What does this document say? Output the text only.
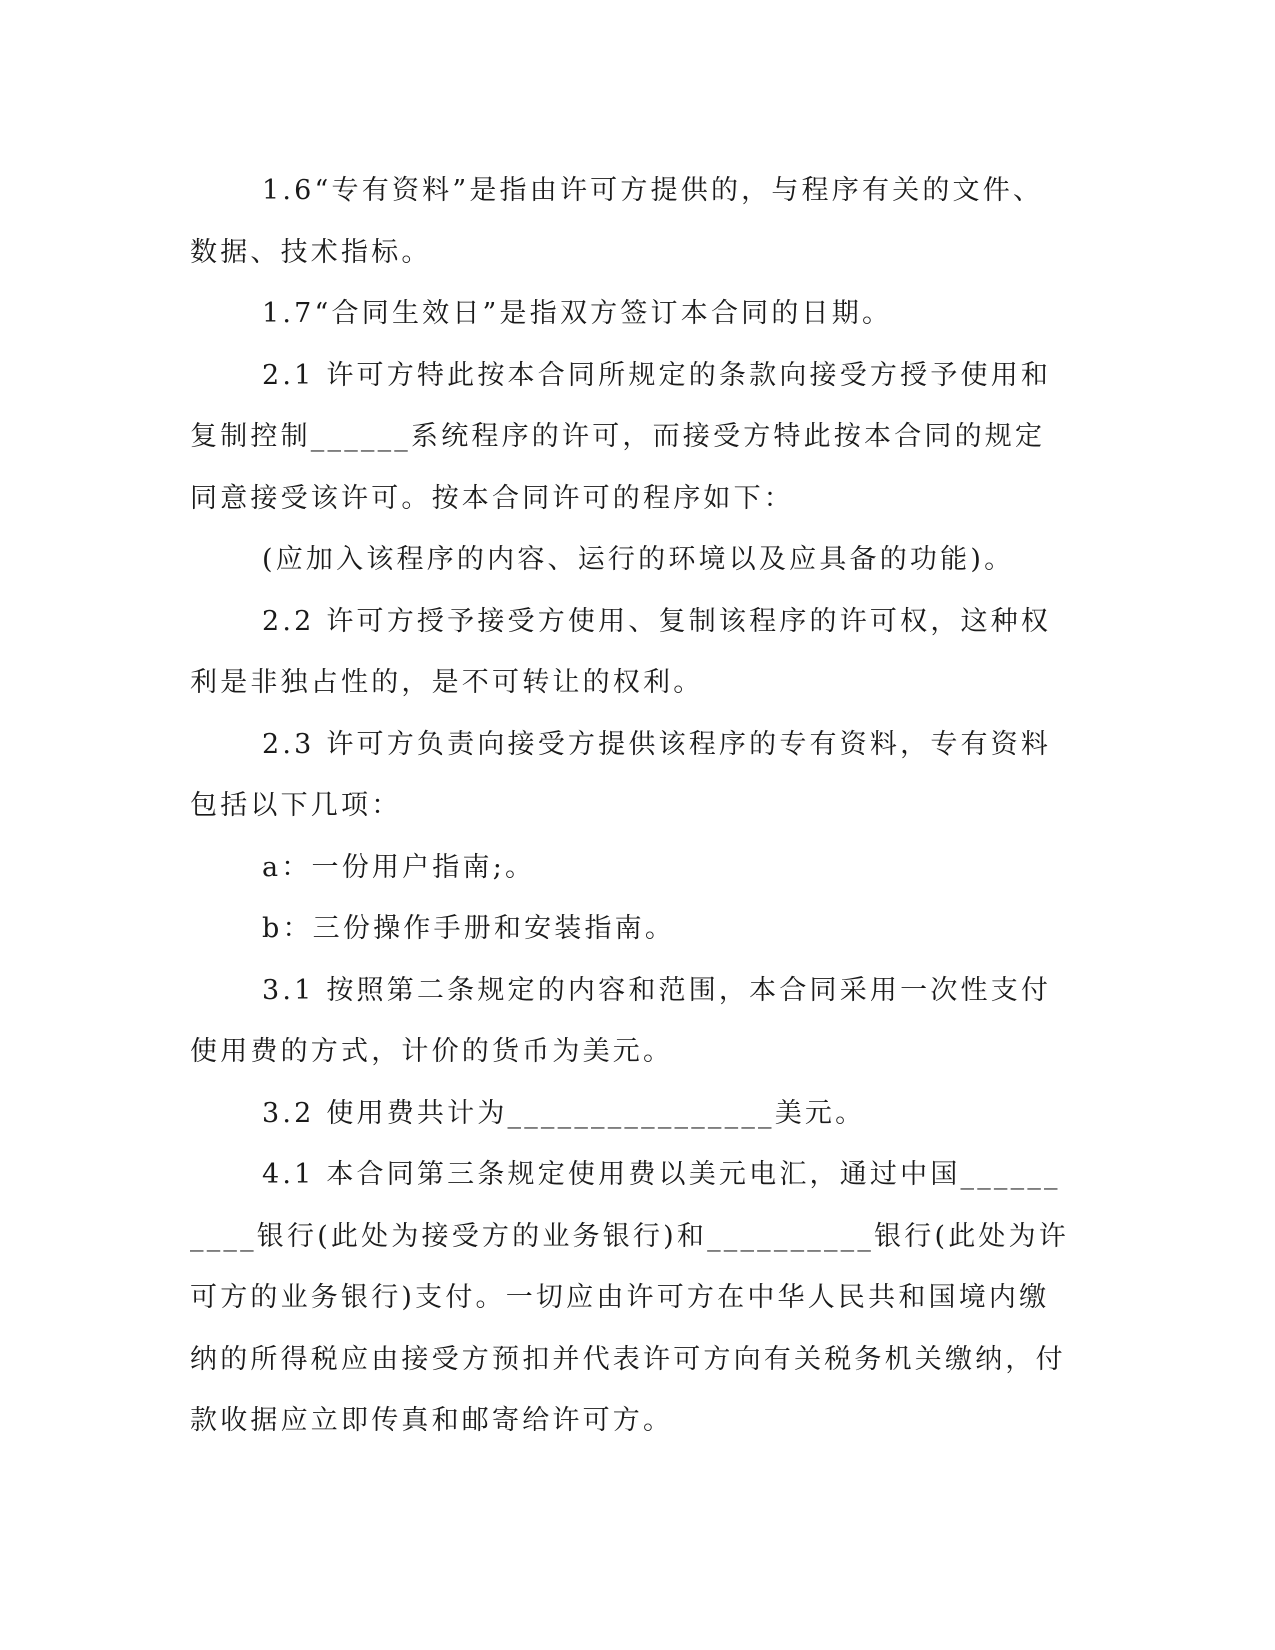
1.6“专有资料”是指由许可方提供的，与程序有关的文件、数据、技术指标。

1.7“合同生效日”是指双方签订本合同的日期。

2.1 许可方特此按本合同所规定的条款向接受方授予使用和复制控制______系统程序的许可，而接受方特此按本合同的规定同意接受该许可。按本合同许可的程序如下：

(应加入该程序的内容、运行的环境以及应具备的功能)。

2.2 许可方授予接受方使用、复制该程序的许可权，这种权利是非独占性的，是不可转让的权利。

2.3 许可方负责向接受方提供该程序的专有资料，专有资料包括以下几项：

a：一份用户指南;。

b：三份操作手册和安装指南。

3.1 按照第二条规定的内容和范围，本合同采用一次性支付使用费的方式，计价的货币为美元。

3.2 使用费共计为________________美元。

4.1 本合同第三条规定使用费以美元电汇，通过中国__________银行(此处为接受方的业务银行)和__________银行(此处为许可方的业务银行)支付。一切应由许可方在中华人民共和国境内缴纳的所得税应由接受方预扣并代表许可方向有关税务机关缴纳，付款收据应立即传真和邮寄给许可方。
